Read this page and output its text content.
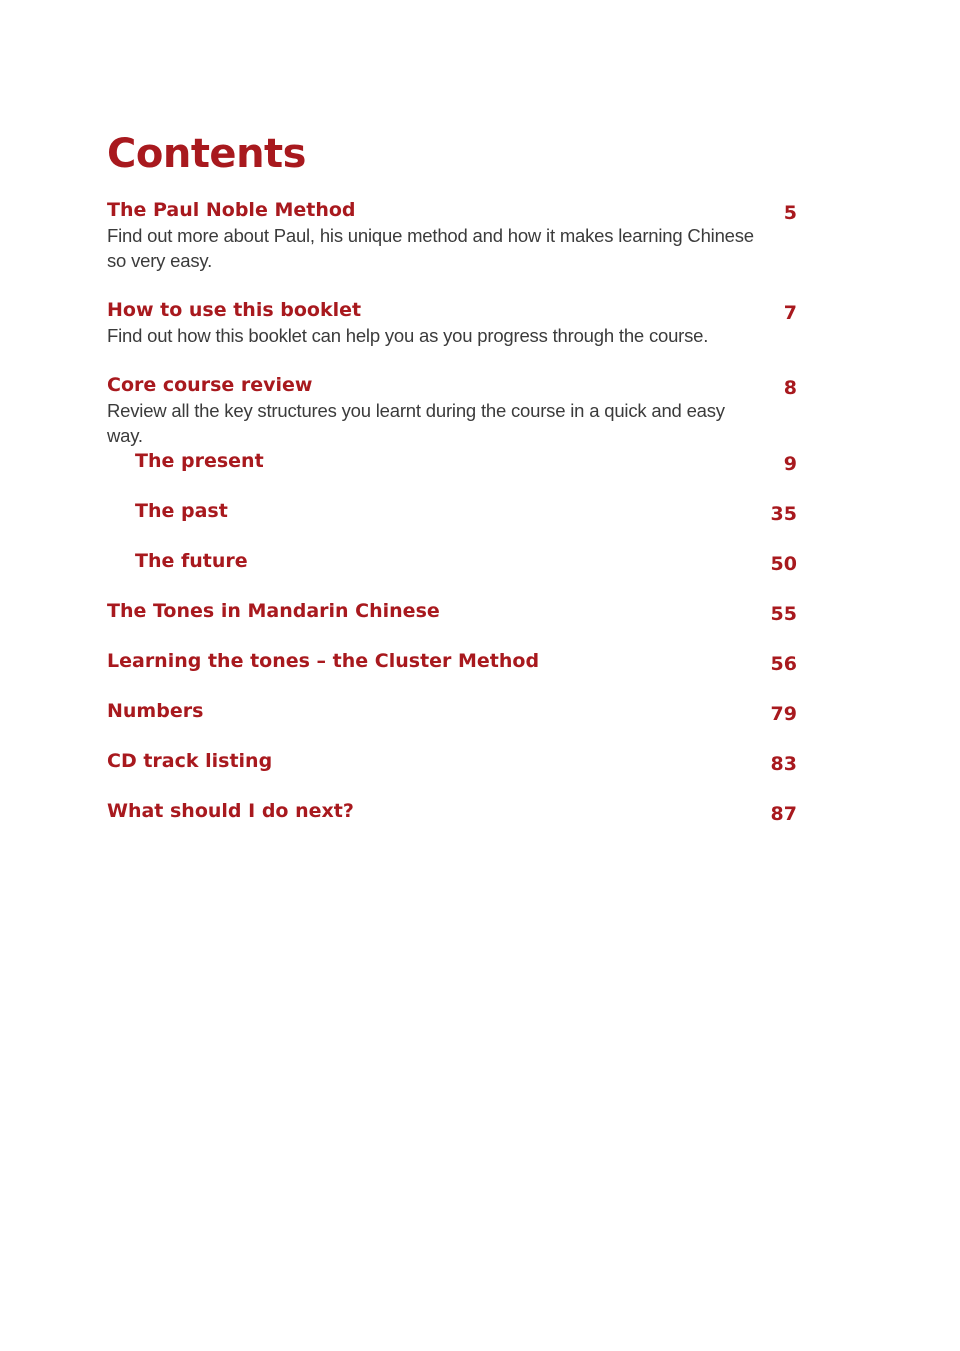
Contents
The Paul Noble Method	5
Find out more about Paul, his unique method and how it makes learning Chinese so very easy.
How to use this booklet	7
Find out how this booklet can help you as you progress through the course.
Core course review	8
Review all the key structures you learnt during the course in a quick and easy way.
The present	9
The past	35
The future	50
The Tones in Mandarin Chinese	55
Learning the tones – the Cluster Method	56
Numbers	79
CD track listing	83
What should I do next?	87
